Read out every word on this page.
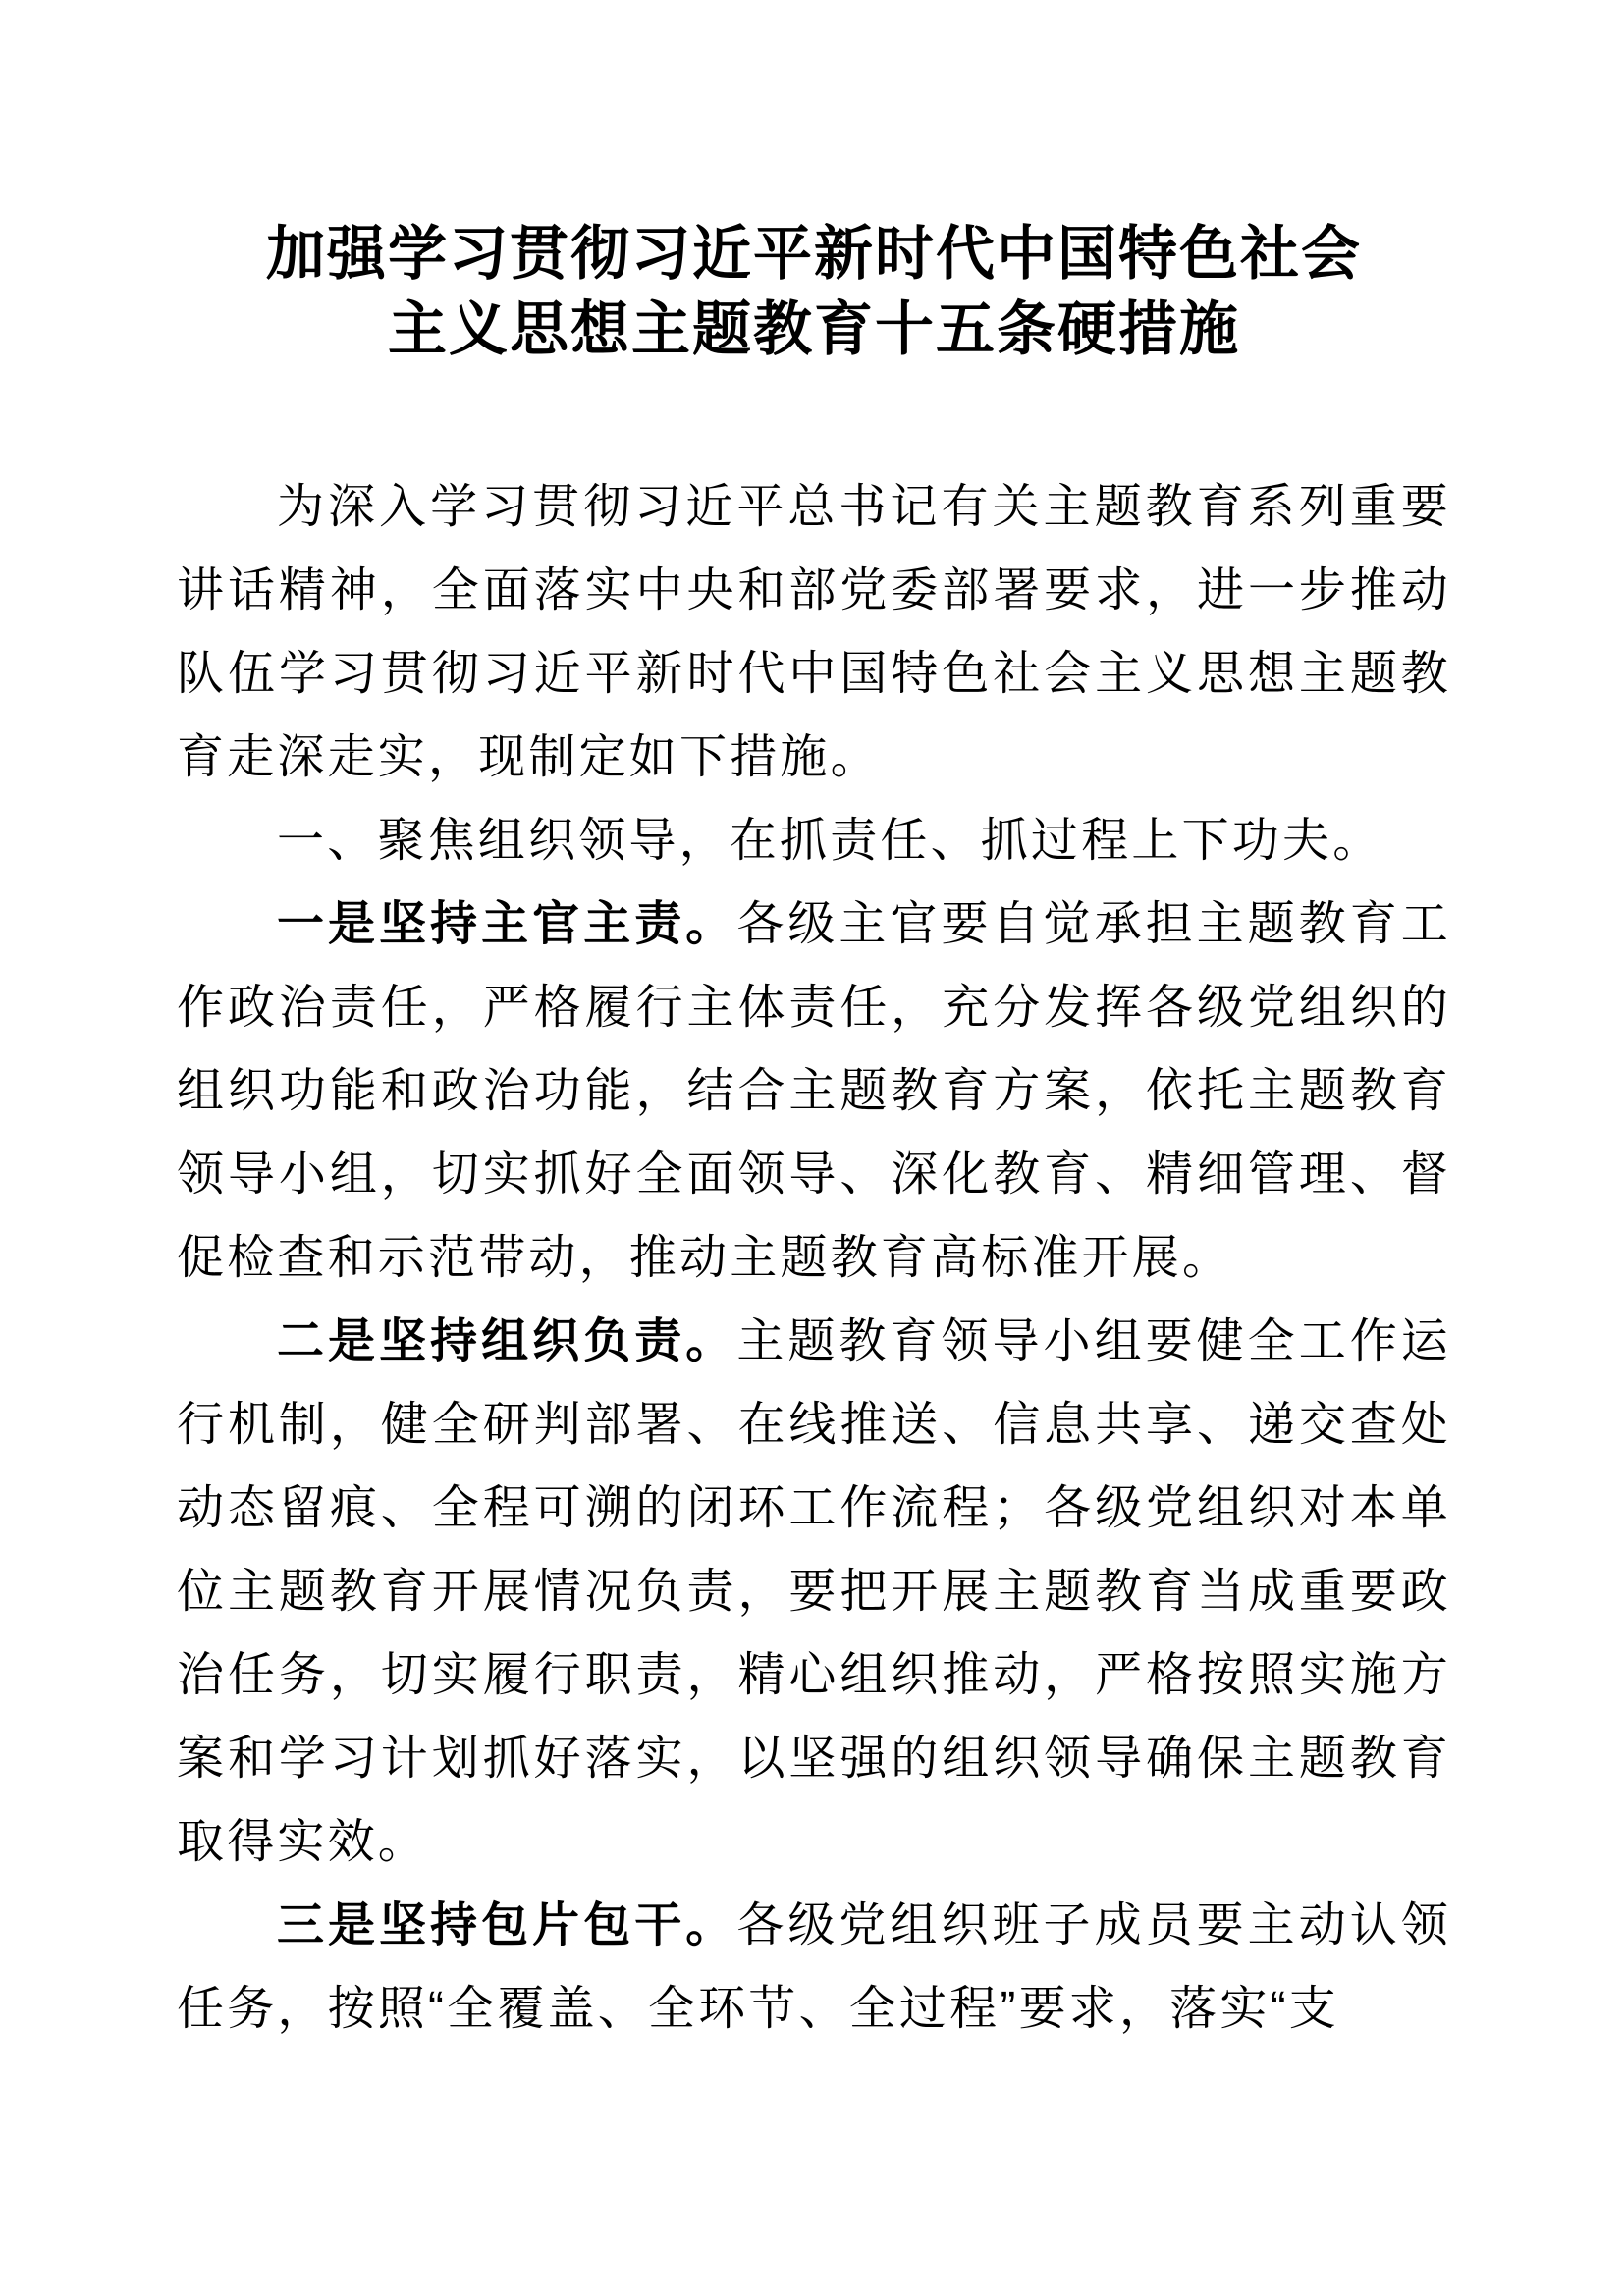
加强学习贯彻习近平新时代中国特色社会
主义思想主题教育十五条硬措施

为深入学习贯彻习近平总书记有关主题教育系列重要讲话精神，全面落实中央和部党委部署要求，进一步推动队伍学习贯彻习近平新时代中国特色社会主义思想主题教育走深走实，现制定如下措施。

一、聚焦组织领导，在抓责任、抓过程上下功夫。

一是坚持主官主责。各级主官要自觉承担主题教育工作政治责任，严格履行主体责任，充分发挥各级党组织的组织功能和政治功能，结合主题教育方案，依托主题教育领导小组，切实抓好全面领导、深化教育、精细管理、督促检查和示范带动，推动主题教育高标准开展。

二是坚持组织负责。主题教育领导小组要健全工作运行机制，健全研判部署、在线推送、信息共享、递交查处动态留痕、全程可溯的闭环工作流程；各级党组织对本单位主题教育开展情况负责，要把开展主题教育当成重要政治任务，切实履行职责，精心组织推动，严格按照实施方案和学习计划抓好落实，以坚强的组织领导确保主题教育取得实效。

三是坚持包片包干。各级党组织班子成员要主动认领任务，按照“全覆盖、全环节、全过程”要求，落实“支
